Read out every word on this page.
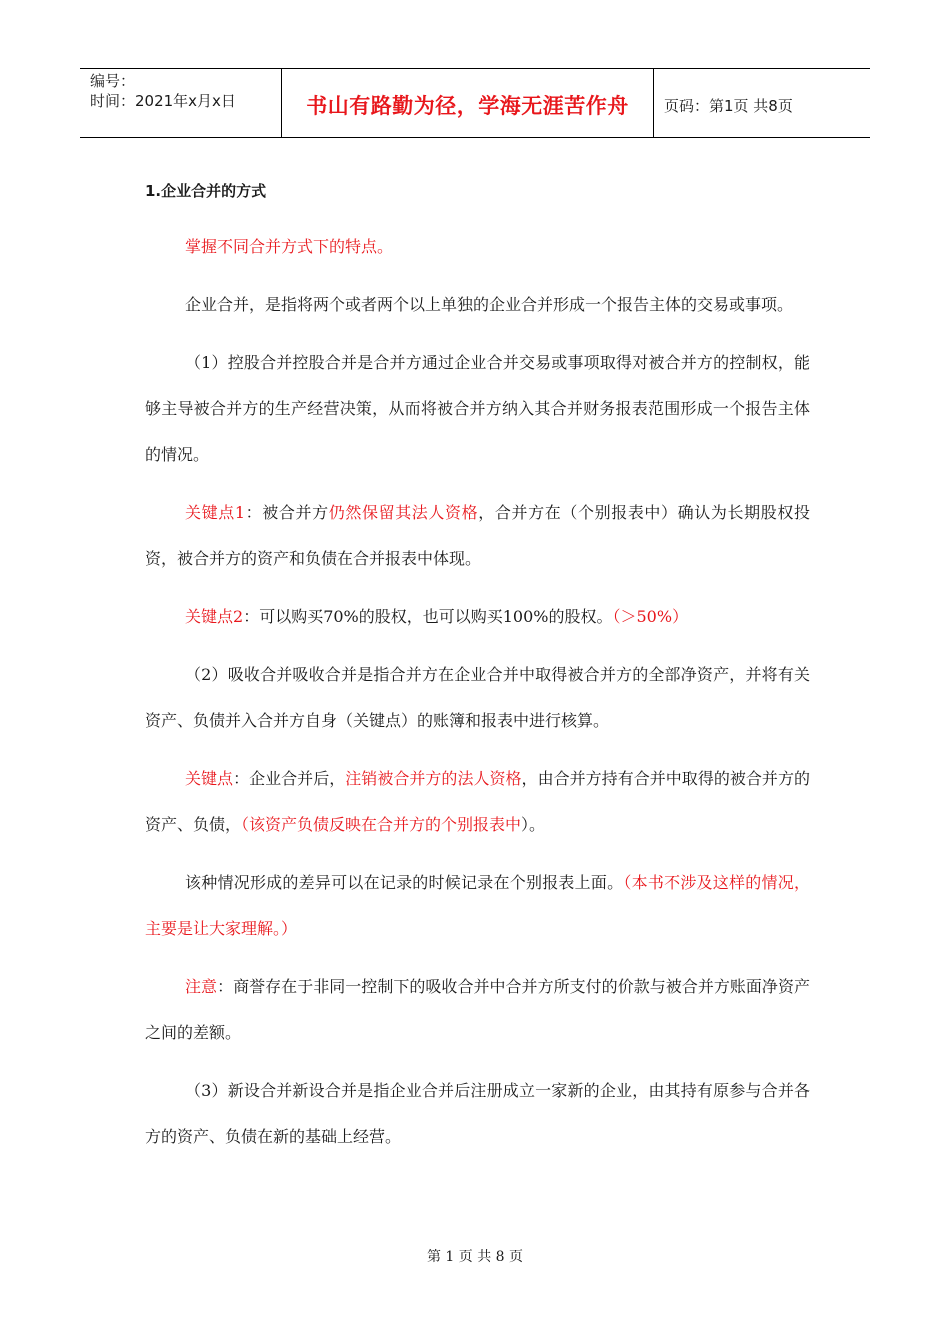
编号：
时间：2021年x月x日	书山有路勤为径，学海无涯苦作舟	页码：第1页 共8页
1.企业合并的方式

掌握不同合并方式下的特点。

企业合并，是指将两个或者两个以上单独的企业合并形成一个报告主体的交易或事项。

（1）控股合并控股合并是合并方通过企业合并交易或事项取得对被合并方的控制权，能够主导被合并方的生产经营决策，从而将被合并方纳入其合并财务报表范围形成一个报告主体的情况。

关键点1：被合并方仍然保留其法人资格，合并方在（个别报表中）确认为长期股权投资，被合并方的资产和负债在合并报表中体现。

关键点2：可以购买70%的股权，也可以购买100%的股权。（＞50%）

（2）吸收合并吸收合并是指合并方在企业合并中取得被合并方的全部净资产，并将有关资产、负债并入合并方自身（关键点）的账簿和报表中进行核算。

关键点：企业合并后，注销被合并方的法人资格，由合并方持有合并中取得的被合并方的资产、负债，（该资产负债反映在合并方的个别报表中）。

该种情况形成的差异可以在记录的时候记录在个别报表上面。（本书不涉及这样的情况，主要是让大家理解。）

注意：商誉存在于非同一控制下的吸收合并中合并方所支付的价款与被合并方账面净资产之间的差额。

（3）新设合并新设合并是指企业合并后注册成立一家新的企业，由其持有原参与合并各方的资产、负债在新的基础上经营。

第 1 页 共 8 页
